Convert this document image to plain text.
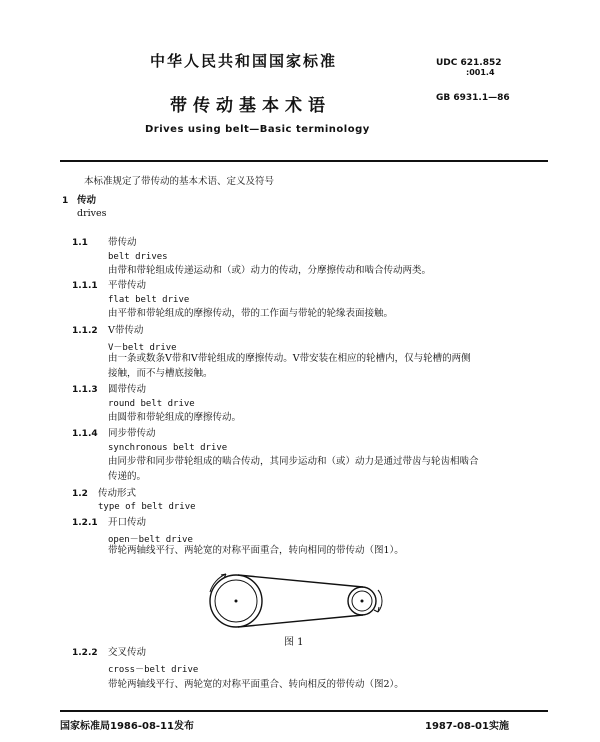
中华人民共和国国家标准
带传动基本术语
Drives using belt—Basic terminology
UDC 621.852
:001.4
GB 6931.1—86
本标准规定了带传动的基本术语、定义及符号
1 传动
drives
1.1 带传动
belt drives
由带和带轮组成传递运动和（或）动力的传动，分摩擦传动和啮合传动两类。
1.1.1 平带传动
flat belt drive
由平带和带轮组成的摩擦传动，带的工作面与带轮的轮缘表面接触。
1.1.2 V带传动
V－belt drive
由一条或数条V带和V带轮组成的摩擦传动。V带安装在相应的轮槽内，仅与轮槽的两侧
接触，而不与槽底接触。
1.1.3 圆带传动
round belt drive
由圆带和带轮组成的摩擦传动。
1.1.4 同步带传动
synchronous belt drive
由同步带和同步带轮组成的啮合传动，其同步运动和（或）动力是通过带齿与轮齿相啮合
传递的。
1.2 传动形式
type of belt drive
1.2.1 开口传动
open－belt drive
带轮两轴线平行、两轮宽的对称平面重合，转向相同的带传动（图1）。
图 1
1.2.2 交叉传动
cross－belt drive
带轮两轴线平行、两轮宽的对称平面重合、转向相反的带传动（图2）。
国家标准局1986-08-11发布	1987-08-01实施
